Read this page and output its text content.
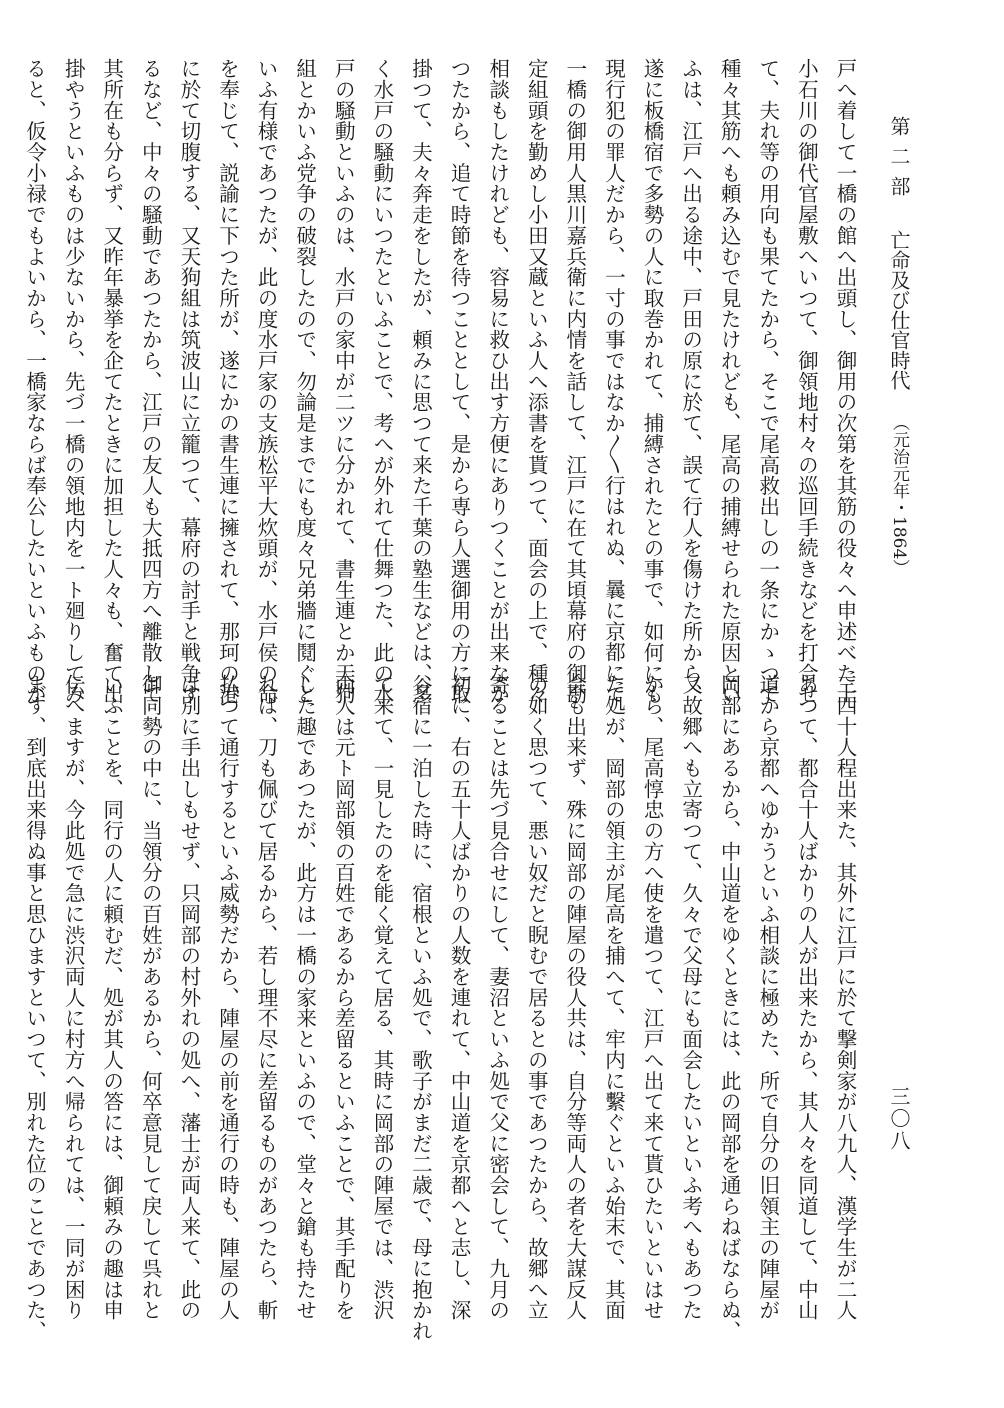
第二部亡命及び仕官時代（元治元年・1864）
三〇八
戸へ着して一橋の館へ出頭し、御用の次第を其筋の役々へ申述べた上
小石川の御代官屋敷へいつて、御領地村々の巡回手続きなどを打合せ
て、夫れ等の用向も果てたから、そこで尾高救出しの一条にかゝつて
種々其筋へも頼み込むで見たけれども、尾高の捕縛せられた原因とい
ふは、江戸へ出る途中、戸田の原に於て、誤て行人を傷けた所から、
遂に板橋宿で多勢の人に取巻かれて、捕縛されたとの事で、如何にも
現行犯の罪人だから、一寸の事ではなか〳〵行はれぬ、曩に京都にて
一橋の御用人黒川嘉兵衛に内情を話して、江戸に在て其頃幕府の御勘
定組頭を勤めし小田又蔵といふ人へ添書を貰つて、面会の上で、種々
相談もしたけれども、容易に救ひ出す方便にありつくことが出来なか
つたから、追て時節を待つこととして、是から専ら人選御用の方に取
掛つて、夫々奔走をしたが、頼みに思つて来た千葉の塾生などは、多
く水戸の騒動にいつたといふことで、考へが外れて仕舞つた、此の水
戸の騒動といふのは、水戸の家中が二ツに分かれて、書生連とか天狗
組とかいふ党争の破裂したので、勿論是までにも度々兄弟牆に鬩ぐと
いふ有様であつたが、此の度水戸家の支族松平大炊頭が、水戸侯の命
を奉じて、説諭に下つた所が、遂にかの書生連に擁されて、那珂の港
に於て切腹する、又天狗組は筑波山に立籠つて、幕府の討手と戦争す
るなど、中々の騒動であつたから、江戸の友人も大抵四方へ離散して
其所在も分らず、又昨年暴挙を企てたときに加担した人々も、奮て出
掛やうといふものは少ないから、先づ一橋の領地内を一ト廻りしてみ
ると、仮令小禄でもよいから、一橋家ならば奉公したいといふものが
三四十人程出来た、其外に江戸に於て撃剣家が八九人、漢学生が二人
あつて、都合十人ばかりの人が出来たから、其人々を同道して、中山
道から京都へゆかうといふ相談に極めた、所で自分の旧領主の陣屋が
岡部にあるから、中山道をゆくときには、此の岡部を通らねばならぬ、
又故郷へも立寄つて、久々で父母にも面会したいといふ考へもあつた
から、尾高惇忠の方へ使を遣つて、江戸へ出て来て貰ひたいといはせ
た処が、岡部の領主が尾高を捕へて、牢内に繫ぐといふ始末で、其面
会も出来ず、殊に岡部の陣屋の役人共は、自分等両人の者を大謀反人
の如く思つて、悪い奴だと睨むで居るとの事であつたから、故郷へ立
寄ることは先づ見合せにして、妻沼といふ処で父に密会して、九月の
初に、右の五十人ばかりの人数を連れて、中山道を京都へと志し、深
谷宿に一泊した時に、宿根といふ処で、歌子がまだ二歳で、母に抱かれ
て来て、一見したのを能く覚えて居る、其時に岡部の陣屋では、渋沢
両人は元ト岡部領の百姓であるから差留るといふことで、其手配りを
した趣であつたが、此方は一橋の家来といふので、堂々と鎗も持たせ
れば、刀も佩びて居るから、若し理不尽に差留るものがあつたら、斬
払つて通行するといふ威勢だから、陣屋の前を通行の時も、陣屋の人
は別に手出しもせず、只岡部の村外れの処へ、藩士が両人来て、此の
御同勢の中に、当領分の百姓があるから、何卒意見して戻して呉れと
いふことを、同行の人に頼むだ、処が其人の答には、御頼みの趣は申
伝へますが、今此処で急に渋沢両人に村方へ帰られては、一同が困り
ます、到底出来得ぬ事と思ひますといつて、別れた位のことであつた、
